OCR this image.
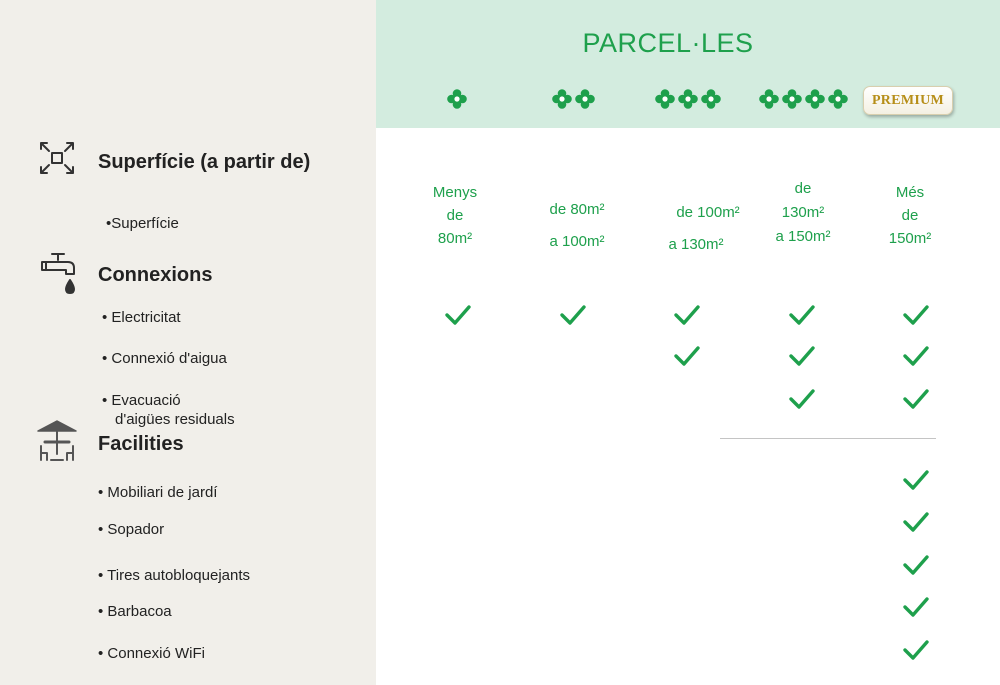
PARCEL·LES
PREMIUM
Superfície (a partir de)
•Superfície
Connexions
• Electricitat
• Connexió d'aigua
• Evacuació
d'aigües residuals
Facilities
• Mobiliari de jardí
• Sopador
• Tires autobloquejants
• Barbacoa
• Connexió WiFi
Menys
de
80m²
de 80m²
a 100m²
de 100m²
a 130m²
de
130m²
a 150m²
Més
de
150m²
